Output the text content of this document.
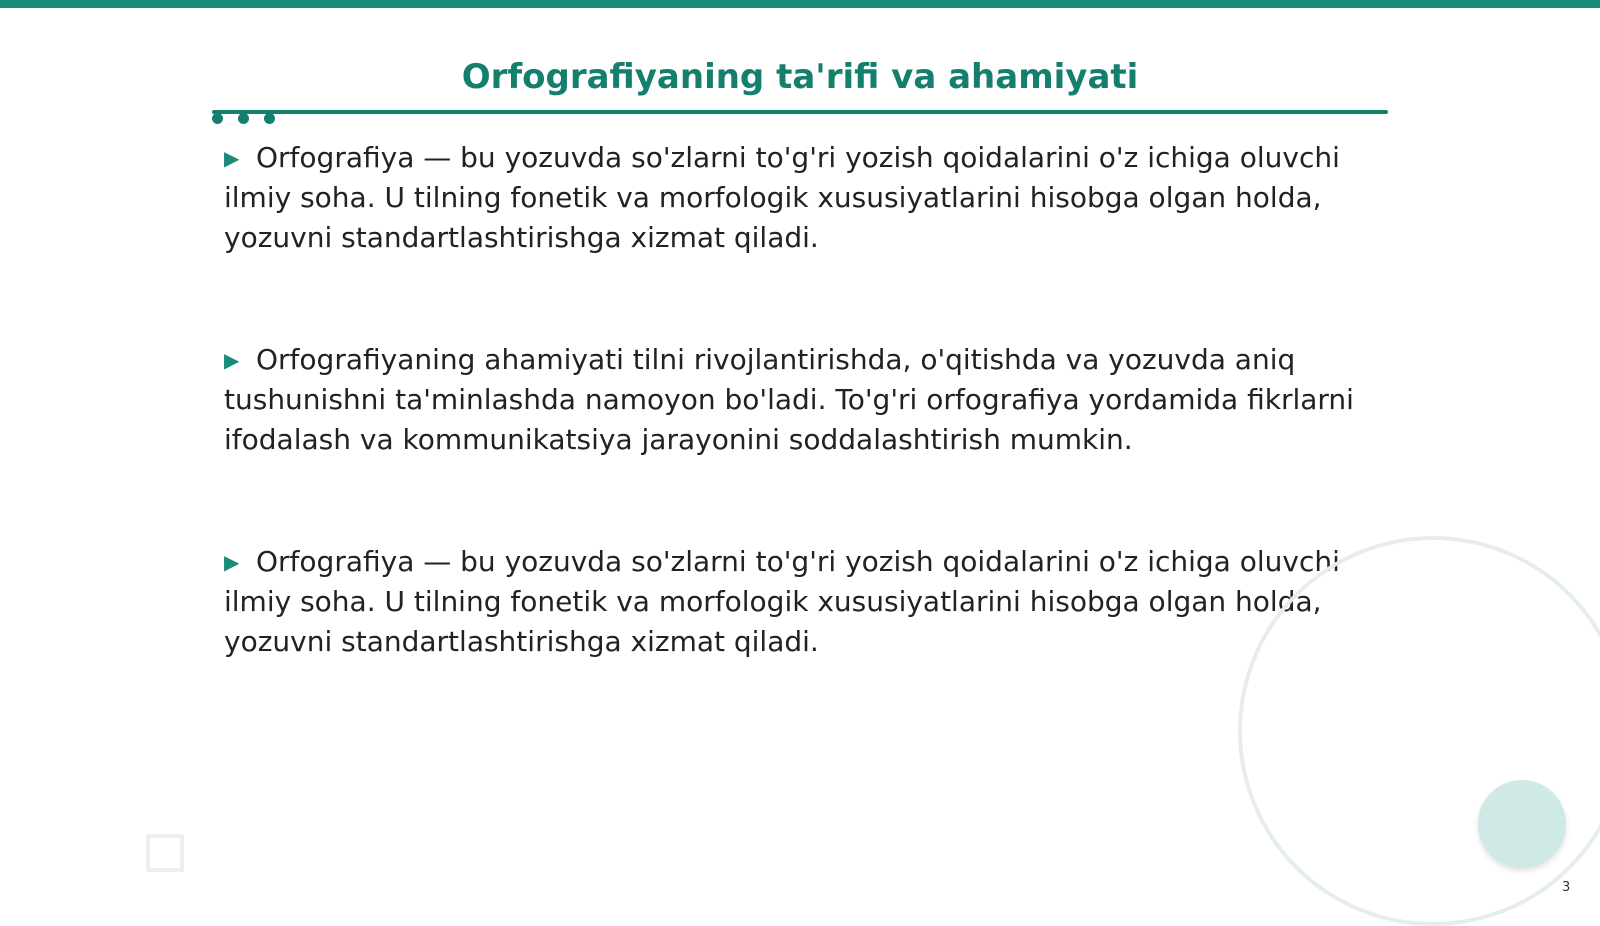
Orfografiyaning ta'rifi va ahamiyati

▶ Orfografiya — bu yozuvda so'zlarni to'g'ri yozish qoidalarini o'z ichiga oluvchi ilmiy soha. U tilning fonetik va morfologik xususiyatlarini hisobga olgan holda, yozuvni standartlashtirishga xizmat qiladi.

▶ Orfografiyaning ahamiyati tilni rivojlantirishda, o'qitishda va yozuvda aniq tushunishni ta'minlashda namoyon bo'ladi. To'g'ri orfografiya yordamida fikrlarni ifodalash va kommunikatsiya jarayonini soddalashtirish mumkin.

▶ Orfografiya — bu yozuvda so'zlarni to'g'ri yozish qoidalarini o'z ichiga oluvchi ilmiy soha. U tilning fonetik va morfologik xususiyatlarini hisobga olgan holda, yozuvni standartlashtirishga xizmat qiladi.

3
